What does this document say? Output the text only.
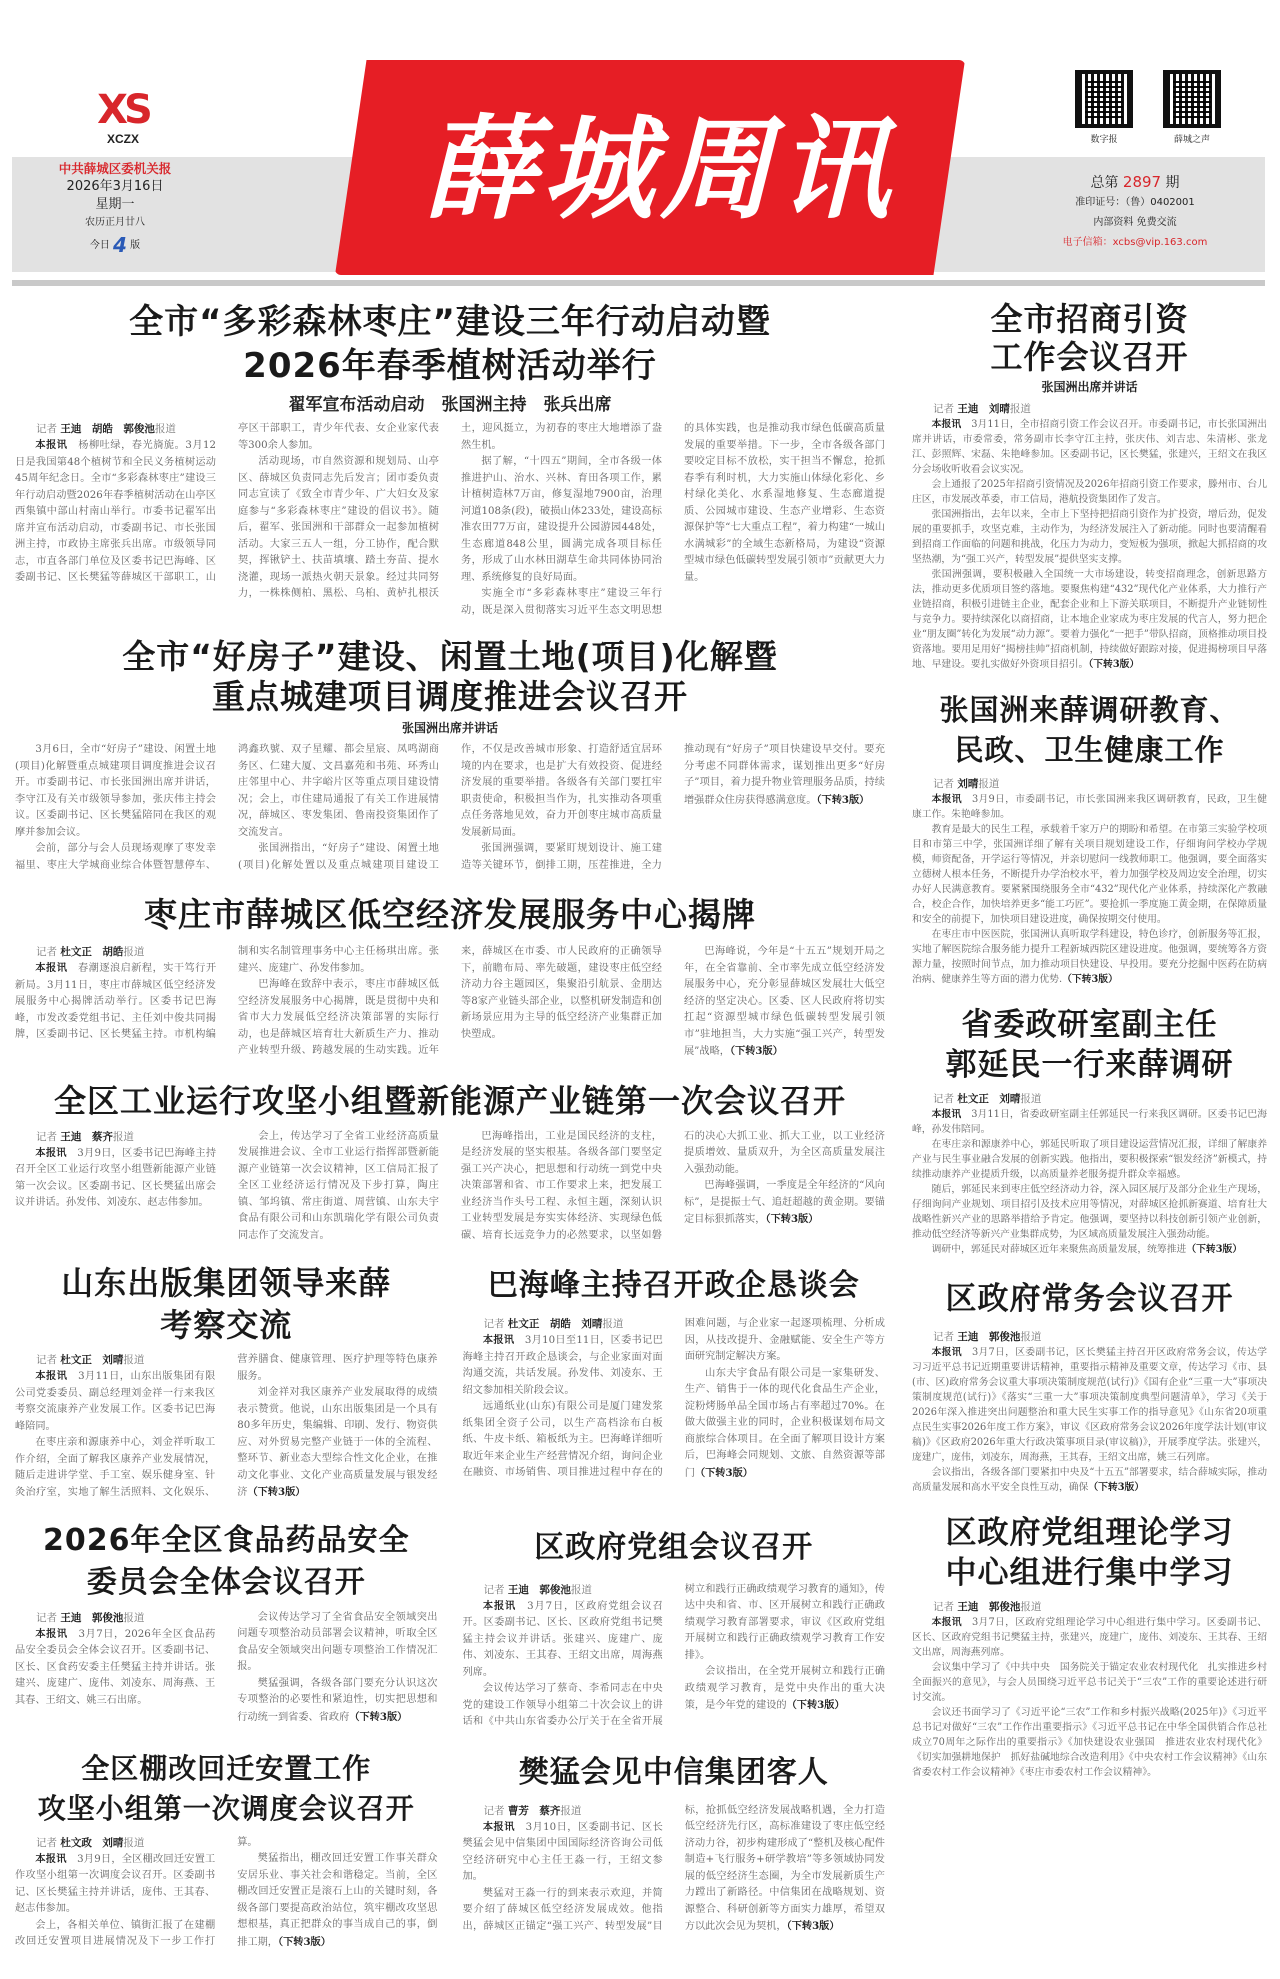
XS
XCZX
中共薛城区委机关报
2026年3月16日
星期一
农历正月廿八
今日 4 版
薛城周讯	数字报	薛城之声
总第 2897 期
准印证号：（鲁）0402001
内部资料 免费交流
电子信箱：xcbs@vip.163.com
全市“多彩森林枣庄”建设三年行动启动暨
2026年春季植树活动举行
翟军宣布活动启动　张国洲主持　张兵出席
记者 王迪　胡皓　郭俊池报道

本报讯　 杨柳吐绿，春光旖旎。3月12日是我国第48个植树节和全民义务植树运动45周年纪念日。全市“多彩森林枣庄”建设三年行动启动暨2026年春季植树活动在山亭区西集镇中部山村南山举行。市委书记翟军出席并宣布活动启动，市委副书记、市长张国洲主持，市政协主席张兵出席。市级领导同志，市直各部门单位及区委书记巴海峰、区委副书记、区长樊猛等薛城区干部职工，山亭区干部职工，青少年代表、女企业家代表等300余人参加。

活动现场，市自然资源和规划局、山亭区、薛城区负责同志先后发言；团市委负责同志宣读了《致全市青少年、广大妇女及家庭参与“多彩森林枣庄”建设的倡议书》。随后，翟军、张国洲和干部群众一起参加植树活动。大家三五人一组，分工协作，配合默契，挥锹铲土、扶苗填壤、踏土夯苗、提水浇灌，现场一派热火朝天景象。经过共同努力，一株株侧柏、黑松、乌桕、黄栌扎根沃土，迎风挺立，为初春的枣庄大地增添了盎然生机。

据了解，“十四五”期间，全市各级一体推进护山、治水、兴林、育田各项工作，累计植树造林7万亩，修复湿地7900亩，治理河道108条(段)，破损山体233处，建设高标准农田77万亩，建设提升公园游园448处，生态廊道848公里，圆满完成各项目标任务，形成了山水林田湖草生命共同体协同治理、系统修复的良好局面。

实施全市“多彩森林枣庄”建设三年行动，既是深入贯彻落实习近平生态文明思想的具体实践，也是推动我市绿色低碳高质量发展的重要举措。下一步，全市各级各部门要咬定目标不放松，实干担当不懈怠，抢抓春季有利时机，大力实施山体绿化彩化、乡村绿化美化、水系湿地修复、生态廊道提质、公园城市建设、生态产业增彩、生态资源保护等“七大重点工程”，着力构建“一城山水满城彩”的全域生态新格局，为建设“资源型城市绿色低碳转型发展引领市”贡献更大力量。

全市“好房子”建设、闲置土地(项目)化解暨
重点城建项目调度推进会议召开
张国洲出席并讲话

3月6日，全市“好房子”建设、闲置土地(项目)化解暨重点城建项目调度推进会议召开。市委副书记、市长张国洲出席并讲话，李守江及有关市级领导参加，张庆伟主持会议。区委副书记、区长樊猛陪同在我区的观摩并参加会议。

会前，部分与会人员现场观摩了枣发幸福里、枣庄大学城商业综合体暨智慧停车、鸿鑫玖號、双子星耀、都会星宸、凤鸣湖商务区、仁建大厦、文昌嘉苑和书苑、环秀山庄邻里中心、井字峪片区等重点项目建设情况；会上，市住建局通报了有关工作进展情况，薛城区、枣发集团、鲁南投资集团作了交流发言。

张国洲指出，“好房子”建设、闲置土地(项目)化解处置以及重点城建项目建设工作，不仅是改善城市形象、打造舒适宜居环境的内在要求，也是扩大有效投资、促进经济发展的重要举措。各级各有关部门要扛牢职责使命，积极担当作为，扎实推动各项重点任务落地见效，奋力开创枣庄城市高质量发展新局面。

张国洲强调，要紧盯规划设计、施工建造等关键环节，倒排工期，压茬推进，全力推动现有“好房子”项目快建设早交付。要充分考虑不同群体需求，谋划推出更多“好房子”项目，着力提升物业管理服务品质，持续增强群众住房获得感满意度。（下转3版）

枣庄市薛城区低空经济发展服务中心揭牌
记者 杜文正　胡皓报道

本报讯　 春潮逐浪启新程，实干笃行开新局。3月11日，枣庄市薛城区低空经济发展服务中心揭牌活动举行。区委书记巴海峰，市发改委党组书记、主任刘中俊共同揭牌，区委副书记、区长樊猛主持。市机构编制和实名制管理事务中心主任杨琪出席。张建兴、庞建广、孙发伟参加。

巴海峰在致辞中表示，枣庄市薛城区低空经济发展服务中心揭牌，既是贯彻中央和省市大力发展低空经济决策部署的实际行动，也是薛城区培育壮大新质生产力、推动产业转型升级、跨越发展的生动实践。近年来，薛城区在市委、市人民政府的正确领导下，前瞻布局、率先破题，建设枣庄低空经济动力谷主题园区，集聚沿引航景、金朋达等8家产业链头部企业，以整机研发制造和创新场景应用为主导的低空经济产业集群正加快塑成。

巴海峰说，今年是“十五五”规划开局之年，在全省靠前、全市率先成立低空经济发展服务中心，充分彰显薛城区发展壮大低空经济的坚定决心。区委、区人民政府将切实扛起“资源型城市绿色低碳转型发展引领市”驻地担当，大力实施“强工兴产，转型发展”战略，（下转3版）

全区工业运行攻坚小组暨新能源产业链第一次会议召开
记者 王迪　蔡齐报道

本报讯　 3月9日，区委书记巴海峰主持召开全区工业运行攻坚小组暨新能源产业链第一次会议。区委副书记、区长樊猛出席会议并讲话。孙发伟、刘凌东、赵志伟参加。

会上，传达学习了全省工业经济高质量发展推进会议、全市工业运行指挥部暨新能源产业链第一次会议精神，区工信局汇报了全区工业经济运行情况及下步打算，陶庄镇、邹坞镇、常庄街道、周营镇、山东夫宇食品有限公司和山东凯瑞化学有限公司负责同志作了交流发言。

巴海峰指出，工业是国民经济的支柱，是经济发展的坚实根基。各级各部门要坚定强工兴产决心，把思想和行动统一到党中央决策部署和省、市工作要求上来，把发展工业经济当作头号工程、永恒主题，深刻认识工业转型发展是夯实实体经济、实现绿色低碳、培育长远竞争力的必然要求，以坚如磐石的决心大抓工业、抓大工业，以工业经济提质增效、量质双升，为全区高质量发展注入强劲动能。

巴海峰强调，一季度是全年经济的“风向标”，是提振士气、追赶超越的黄金期。要锚定目标狠抓落实，（下转3版）

山东出版集团领导来薛
考察交流
记者 杜文正　刘晴报道

本报讯　 3月11日，山东出版集团有限公司党委委员、副总经理刘金祥一行来我区考察交流康养产业发展工作。区委书记巴海峰陪同。

在枣庄亲和源康养中心，刘金祥听取工作介绍，全面了解我区康养产业发展情况，随后走进讲学堂、手工室、娱乐健身室、针灸治疗室，实地了解生活照料、文化娱乐、营养膳食、健康管理、医疗护理等特色康养服务。

刘金祥对我区康养产业发展取得的成绩表示赞赏。他说，山东出版集团是一个具有80多年历史，集编辑、印刷、发行、物资供应、对外贸易完整产业链于一体的全流程、整环节、新业态大型综合性文化企业，在推动文化事业、文化产业高质量发展与银发经济（下转3版）

巴海峰主持召开政企恳谈会
记者 杜文正　胡皓　刘晴报道

本报讯　 3月10日至11日，区委书记巴海峰主持召开政企恳谈会，与企业家面对面沟通交流，共话发展。孙发伟、刘凌东、王绍文参加相关阶段会议。

远通纸业(山东)有限公司是厦门建发浆纸集团全资子公司，以生产高档涂布白板纸、牛皮卡纸、箱板纸为主。巴海峰详细听取近年来企业生产经营情况介绍，询问企业在融资、市场销售、项目推进过程中存在的困难问题，与企业家一起逐项梳理、分析成因，从技改提升、金融赋能、安全生产等方面研究制定解决方案。

山东夫宇食品有限公司是一家集研发、生产、销售于一体的现代化食品生产企业，淀粉烤肠单品全国市场占有率超过70%。在做大做强主业的同时，企业积极谋划布局文商旅综合体项目。在全面了解项目设计方案后，巴海峰会同规划、文旅、自然资源等部门（下转3版）

2026年全区食品药品安全
委员会全体会议召开
记者 王迪　郭俊池报道

本报讯　 3月7日，2026年全区食品药品安全委员会全体会议召开。区委副书记、区长、区食药安委主任樊猛主持并讲话。张建兴、庞建广、庞伟、刘凌东、周海燕、王其春、王绍文、姚三石出席。

会议传达学习了全省食品安全领域突出问题专项整治动员部署会议精神，听取全区食品安全领域突出问题专项整治工作情况汇报。

樊猛强调，各级各部门要充分认识这次专项整治的必要性和紧迫性，切实把思想和行动统一到省委、省政府（下转3版）

区政府党组会议召开
记者 王迪　郭俊池报道

本报讯　 3月7日，区政府党组会议召开。区委副书记、区长、区政府党组书记樊猛主持会议并讲话。张建兴、庞建广、庞伟、刘凌东、王其春、王绍文出席，周海燕列席。

会议传达学习了蔡奇、李希同志在中央党的建设工作领导小组第二十次会议上的讲话和《中共山东省委办公厅关于在全省开展树立和践行正确政绩观学习教育的通知》，传达中央和省、市、区开展树立和践行正确政绩观学习教育部署要求，审议《区政府党组开展树立和践行正确政绩观学习教育工作安排》。

会议指出，在全党开展树立和践行正确政绩观学习教育，是党中央作出的重大决策，是今年党的建设的（下转3版）

全区棚改回迁安置工作
攻坚小组第一次调度会议召开
记者 杜文政　刘晴报道

本报讯　 3月9日，全区棚改回迁安置工作攻坚小组第一次调度会议召开。区委副书记、区长樊猛主持并讲话，庞伟、王其春、赵志伟参加。

会上，各相关单位、镇街汇报了在建棚改回迁安置项目进展情况及下一步工作打算。

樊猛指出，棚改回迁安置工作事关群众安居乐业、事关社会和谐稳定。当前，全区棚改回迁安置正是滚石上山的关键时刻，各级各部门要提高政治站位，筑牢棚改攻坚思想根基，真正把群众的事当成自己的事，倒排工期，（下转3版）

樊猛会见中信集团客人
记者 曹芳　蔡齐报道

本报讯　 3月10日，区委副书记、区长樊猛会见中信集团中国国际经济咨询公司低空经济研究中心主任王淼一行，王绍文参加。

樊猛对王淼一行的到来表示欢迎，并简要介绍了薛城区低空经济发展成效。他指出，薛城区正锚定“强工兴产、转型发展”目标，抢抓低空经济发展战略机遇，全力打造低空经济先行区，高标准建设了枣庄低空经济动力谷，初步构建形成了“整机及核心配件制造+飞行服务+研学教培”等多领域协同发展的低空经济生态圈，为全市发展新质生产力蹚出了新路径。中信集团在战略规划、资源整合、科研创新等方面实力雄厚，希望双方以此次会见为契机，（下转3版）

全市招商引资
工作会议召开
张国洲出席并讲话
记者 王迪　刘晴报道

本报讯　 3月11日，全市招商引资工作会议召开。市委副书记，市长张国洲出席并讲话，市委常委，常务副市长李守江主持，张庆伟、刘吉忠、朱清彬、张龙江、彭照辉、宋磊、朱艳峰参加。区委副书记，区长樊猛，张建兴，王绍文在我区分会场收听收看会议实况。

会上通报了2025年招商引资情况及2026年招商引资工作要求，滕州市、台儿庄区，市发展改革委，市工信局，港航投资集团作了发言。

张国洲指出，去年以来，全市上下坚持把招商引资作为扩投资，增后劲，促发展的重要抓手，攻坚克难，主动作为，为经济发展注入了新动能。同时也要清醒看到招商工作面临的问题和挑战，化压力为动力，变短板为强项，掀起大抓招商的攻坚热潮，为“强工兴产，转型发展”提供坚实支撑。

张国洲强调，要积极融入全国统一大市场建设，转变招商理念，创新思路方法，推动更多优质项目签约落地。要聚焦构建“432”现代化产业体系，大力推行产业链招商，积极引进链主企业，配套企业和上下游关联项目，不断提升产业链韧性与竞争力。要持续深化以商招商，让本地企业家成为枣庄发展的代言人，努力把企业“朋友圈”转化为发展“动力源”。要着力强化“一把手”带队招商，顶格推动项目投资落地。要用足用好“揭榜挂帅”招商机制，持续做好跟踪对接，促进揭榜项目早落地、早建设。要扎实做好外资项目招引。（下转3版）

张国洲来薛调研教育、
民政、卫生健康工作
记者 刘晴报道

本报讯　 3月9日，市委副书记，市长张国洲来我区调研教育，民政，卫生健康工作。朱艳峰参加。

教育是最大的民生工程，承载着千家万户的期盼和希望。在市第三实验学校项目和市第三中学，张国洲详细了解有关项目规划建设工作，仔细询问学校办学规模，师资配备，开学运行等情况，并亲切慰问一线教师职工。他强调，要全面落实立德树人根本任务，不断提升办学治校水平，着力加强学校及周边安全治理，切实办好人民满意教育。要紧紧围绕服务全市“432”现代化产业体系，持续深化产教融合，校企合作，加快培养更多“能工巧匠”。要抢抓一季度施工黄金期，在保障质量和安全的前提下，加快项目建设进度，确保按期交付使用。

在枣庄市中医医院，张国洲认真听取学科建设，特色诊疗，创新服务等汇报，实地了解医院综合服务能力提升工程新城西院区建设进度。他强调，要统筹各方资源力量，按照时间节点，加力推动项目快建设、早投用。要充分挖掘中医药在防病治病、健康养生等方面的潜力优势.（下转3版）

省委政研室副主任
郭延民一行来薛调研
记者 杜文正　刘晴报道

本报讯　 3月11日，省委政研室副主任郭延民一行来我区调研。区委书记巴海峰，孙发伟陪同。

在枣庄亲和源康养中心，郭延民听取了项目建设运营情况汇报，详细了解康养产业与民生事业融合发展的创新实践。他指出，要积极探索“银发经济”新模式，持续推动康养产业提质升级，以高质量养老服务提升群众幸福感。

随后，郭延民来到枣庄低空经济动力谷，深入园区展厅及部分企业生产现场，仔细询问产业规划、项目招引及技术应用等情况，对薛城区抢抓新赛道、培育壮大战略性新兴产业的思路举措给予肯定。他强调，要坚持以科技创新引领产业创新，推动低空经济等新兴产业集群成势，为区域高质量发展注入强劲动能。

调研中，郭延民对薛城区近年来聚焦高质量发展，统筹推进（下转3版）

区政府常务会议召开
记者 王迪　郭俊池报道

本报讯　 3月7日，区委副书记，区长樊猛主持召开区政府常务会议，传达学习习近平总书记近期重要讲话精神，重要指示精神及重要文章，传达学习《市、县(市、区)政府常务会议重大事项决策制度规范(试行)》《国有企业“三重一大”事项决策制度规范(试行)》《落实“三重一大”事项决策制度典型问题清单》，学习《关于2026年深入推进突出问题整治和重大民生实事工作的指导意见》《山东省20项重点民生实事2026年度工作方案》，审议《区政府常务会议2026年度学法计划(审议稿)》《区政府2026年重大行政决策事项目录(审议稿)》，开展季度学法。张建兴，庞建广，庞伟，刘凌东，周海燕，王其春，王绍文出席，姚三石列席。

会议指出，各级各部门要紧扣中央及“十五五”部署要求，结合薛城实际，推动高质量发展和高水平安全良性互动，确保（下转3版）

区政府党组理论学习
中心组进行集中学习
记者 王迪　郭俊池报道

本报讯　 3月7日，区政府党组理论学习中心组进行集中学习。区委副书记、区长、区政府党组书记樊猛主持，张建兴，庞建广，庞伟、刘凌东、王其春、王绍文出席，周海燕列席。

会议集中学习了《中共中央　国务院关于锚定农业农村现代化　扎实推进乡村全面振兴的意见》，与会人员围绕习近平总书记关于“三农”工作的重要论述进行研讨交流。

会议还书面学习了《习近平论“三农”工作和乡村振兴战略(2025年)》《习近平总书记对做好“三农”工作作出重要指示》《习近平总书记在中华全国供销合作总社成立70周年之际作出的重要指示》《加快建设农业强国　推进农业农村现代化》《切实加强耕地保护　抓好盐碱地综合改造利用》《中央农村工作会议精神》《山东省委农村工作会议精神》《枣庄市委农村工作会议精神》。
